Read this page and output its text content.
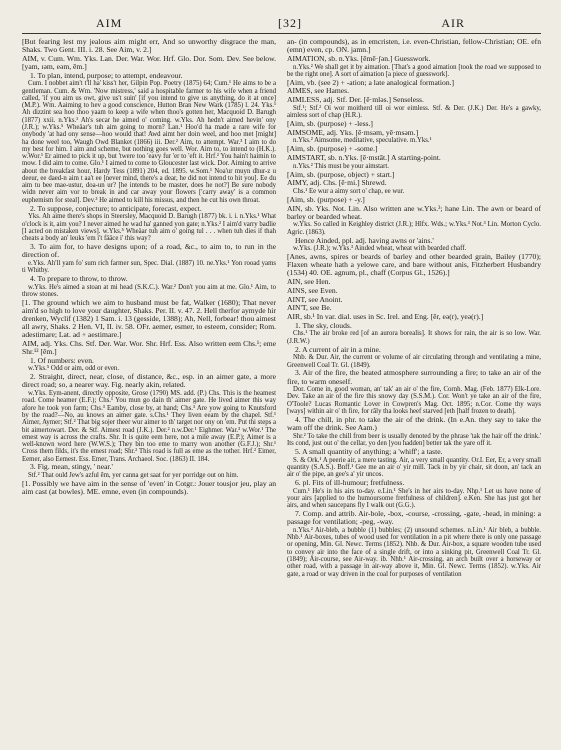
AIM	[32]	AIR

[But fearing lest my jealous aim might err, And so unworthy disgrace the man, Shaks. Two Gent. III. i. 28. See Aim, v. 2.]

AIM, v. Cum. Wm. Yks. Lan. Der. War. Wor. Hrf. Glo. Dor. Som. Dev. See below. [yam, ɪəm, eəm, ēm.]

1. To plan, intend, purpose; to attempt, endeavour.

Cum. I nobbet aim't t'll ha' kiss't her, Gilpin Pop. Poetry (1875) 64; Cum.¹ He aims to be a gentleman. Cum. & Wm. 'Now mistress,' said a hospitable farmer to his wife when a friend called, 'if you aim us owt, give us't suin' [if you intend to give us anything, do it at once] (M.P.). Wm. Aaiming to hev a good conscience, Hutton Bran New Wark (1785) l. 24. Yks.¹ Ah dizzint sea hoo thoo yaam to keep a wife when thoo's gotten her, Macquoid D. Barugh (1877) xxii. n.Yks.¹ Ah's secar he aimed o' coming. w.Yks. Ah hedn't aimed hevin' ony (J.R.); w.Yks.⁵ Wheäar's tuh aim going to morn? Lan.¹ Hoo'd ha made a rare wife for onybody 'at had ony sense—hoo would that! Awd aimt her doin weel, and hoo met [might] ha done weel too, Waugh Owd Blanket (1866) iii. Der.² Aim, to attempt. War.³ I aim to do my best for him. I aim and scheme, but nothing goes well. Wor. Aim to, to intend to (H.K.). w.Wor.¹ Er aimed to pick it up, but 'twere too 'eavy fur 'er to 'eft it. Hrf.² You hain't haimin to mow. I did aim to come. Glo.¹ I aimed to come to Gloucester last wick. Dor. Aiming to arrive about the breakfast hour, Hardy Tess (1891) 204, ed. 1895. w.Som.¹ Noa'ur muyn dhur-z u deeur, ee daed-n aim t aa't ee [never mind, there's a dear, he did not intend to hit you]. Ee du aim tu bee mae-ustur, doa-un ur? [he intends to be master, does he not?] Be sure nobody widn never aim vor to break in and car away your flowers ['carry away' is a common euphemism for steal]. Dev.³ He aimed to kill his missus, and then he cut his own throat.

2. To suppose, conjecture; to anticipate, forecast, expect.

Yks. Ah aime there's shops in Steersley, Macquoid D. Barugh (1877) bk. i. i. n.Yks.¹ What o'clock is it, aim you? I never aimed he wad ha' ganned yon gate; n.Yks.² I aim'd varry badlie [I acted on mistaken views]. w.Yks.⁵ Wheäar tuh aim o' going tul . . . when tuh dies if thah cheats a body an' leuks 'em i't fääce i' this way?

3. To aim for, to have designs upon; of a road, &c., to aim to, to run in the direction of.

e.Yks. Ah'll yam fo' sum rich farmer sun, Spec. Dial. (1887) 10. ne.Yks.¹ Yon rooad yams ti Whitby.

4. To prepare to throw, to throw.

w.Yks. He's aimed a stoan at mi head (S.K.C.). War.² Don't you aim at me. Glo.¹ Aim, to throw stones.

[1. The ground which we aim to husband must be fat, Walker (1680); That never aim'd so high to love your daughter, Shaks. Per. II. v. 47. 2. Hell therfor aymyde hir drenken, Wyclif (1382) 1 Sam. i. 13 (gesside, 1388); Ah, Nell, forbear! thou aimest all awry, Shaks. 2 Hen. VI, II. iv. 58. OFr. aemer, esmer, to esteem, consider; Rom. adestimare; Lat. ad + aestimare.]

AIM, adj. Yks. Chs. Stf. Der. War. Wor. Shr. Hrf. Ess. Also written eem Chs.¹; eme Shr.¹² [ēm.]

1. Of numbers: even.

w.Yks.⁵ Odd or aim, odd or even.

2. Straight, direct, near, close, of distance, &c., esp. in an aimer gate, a more direct road; so, a nearer way. Fig. nearly akin, related.

w.Yks. Eym-anent, directly opposite, Grose (1790) MS. add. (P.) Chs. This is the heamest road. Come heamer (E.F.); Chs.¹ You mun go dain th' aimer gate. He lived aimer this way afore he took yon farm; Chs.³ Eamby, close by, at hand; Chs.³ Are yow going to Knutsford by the road?—No, au knows an aimer gate. s.Chs.¹ They liven eeam by the chapel. Stf.¹ Aimer, Aymer; Stf.² That big sojer theer wur aimer to th' target nor ony on 'em. Put thi steps a bit aimertowart. Der. & Stf. Aimest road (J.K.). Der.² n.w.Der.¹ Eighmer. War.³ w.Wor.¹ The emest way is across the crafts. Shr. It is quite eem here, not a mile away (E.P.); Aimer is a well-known word here (W.W.S.); They bin too eme to marry won another (G.F.J.); Shr.¹ Cross them filds, it's the emest road; Shr.² This road is full as eme as the tother. Hrf.² Eimer, Eemer, also Eemest. Ess. Emer, Trans. Archaeol. Soc. (1863) II. 184.

3. Fig. mean, stingy, ' near.'

Stf.² That ould Jew's azful ēm, yer canna get saat for yer porridge out on him.

[1. Possibly we have aim in the sense of 'even' in Cotgr.: Jouer tousjor jeu, play an aim cast (at bowles). ME. emne, even (in compounds).

an- (in compounds), as in emcristen, i.e. even-Christian, fellow-Christian; OE. efn (emn) even, cp. ON. jamn.]

AIMATION, sb. n.Yks. [ēmē·ʃən.] Guesswork.

n.Yks.² We shall get it by aimation. [That's a good aimation [took the road we supposed to be the right one]. A sort of aimation [a piece of guesswork].

[Aim, vb. (see 2) + -ation; a late analogical formation.]

AIMES, see Hames.

AIMLESS, adj. Stf. Der. [ē·mləs.] Senseless.

Stf.¹; Stf.² Oi wor moitherd till oi wor eimless. Stf. & Der. (J.K.) Der. He's a gawky, aimless sort of chap (H.R.).

[Aim, sb. (purpose) + -less.]

AIMSOME, adj. Yks. [ē·msəm, yē·msəm.]

n.Yks.² Aimsome, meditative, speculative. m.Yks.¹

[Aim, sb. (purpose) + -some.]

AIMSTART, sb. n.Yks. [ē·mstāt.] A starting-point.

n.Yks.² This must be your aimstart.

[Aim, sb. (purpose, object) + start.]

AIMY, adj. Chs. [ē·mi.] Shrewd.

Chs.¹ Ee wur a aimy sort o' chap, ee wur.

[Aim, sb. (purpose) + -y.]

AIN, sb. Yks. Not. Lin. Also written ane w.Yks.³; hane Lin. The awn or beard of barley or bearded wheat.

w.Yks. So called in Keighley district (J.R.); Hlfx. Wds.; w.Yks.³ Not.³ Lin. Morton Cyclo. Agric. (1863).

Hence Ainded, ppl. adj. having awns or 'ains.'

w.Yks. (J.R.); w.Yks.³ Ainded wheat, wheat with bearded chaff.

[Anes, awns, spires or beards of barley and other bearded grain, Bailey (1770); Flaxen wheate hath a yelowe care, and bare without anis, Fitzherbert Husbandry (1534) 40. OE. agnum, pl., chaff (Corpus Gl., 1526).]

AIN, see Hen.

AINS, see Even.

AINT, see Anoint.

AIN'T, see Be.

AIR, sb.¹ In var. dial. uses in Sc. Irel. and Eng. [ēr, eə(r), yeə(r).]

1. The sky, clouds.

Chs.¹ The air broke red [of an aurora borealis]. It shows for rain, the air is so low. War. (J.R.W.)

2. A current of air in a mine.

Nhb. & Dur. Air, the current or volume of air circulating through and ventilating a mine, Greenwell Coal Tr. Gl. (1849).

3. Air of the fire, the heated atmosphere surrounding a fire; to take an air of the fire, to warm oneself.

Dor. Come in, good woman, an' tak' an air o' the fire, Cornh. Mag. (Feb. 1877) Elk-Lore. Dev. Take an air of the fire this snowy day (S.S.M.). Cor. Won't ye take an air of the fire, O'Toole? Lucas Romantic Lover in Cowpren's Mag. Oct. 1895; n.Cor. Come thy ways [ways] within air o' th fire, for rāly tha looks heef starved [eth [half frozen to death].

4. The chill, in phr. to take the air of the drink. (In e.An. they say to take the wam off the drink. See Aam.)

Shr.² To take the chill from beer is usually denoted by the phrase 'tak the hair off the drink.' Its cond, just out o' the cellar, yo den [you hadden] better tak the yare off it.

5. A small quantity of anything; a 'whiff'; a taste.

S. & Ork.¹ A peerie air, a mere tasting. Air, a very small quantity. Or.I. Eer, Er, a very small quantity (S.A.S.). Bnff.¹ Gee me an air o' yir mill. Tack in by yir chair, sit doon, an' tack an air o' the pipe, an gee's a' yir uncos.

6. pl. Fits of ill-humour; fretfulness.

Cum.¹ He's in his airs to-day. e.Lin.¹ She's in her airs to-day. Nhp.¹ Let us have none of your airs [applied to the humoursome fretfulness of children]. e.Ken. She has just got her airs, and when saucepans fly I walk out (G.G.).

7. Comp. and attrib. Air-bole, -box, -course, -crossing, -gate, -head, in mining: a passage for ventilation; -peg, -way.

n.Yks.² Air-bleb, a bubble (1) bubbles; (2) unsound schemes. n.Lin.¹ Air bleb, a bubble. Nhb.¹ Air-boxes, tubes of wood used for ventilation in a pit where there is only one passage or opening, Min. Gl. Newc. Terms (1852). Nhb. & Dur. Air-box, a square wooden tube used to convey air into the face of a single drift, or into a sinking pit, Greenwell Coal Tr. Gl. (1849); Air-course, see Air-way. ib. Nhb.¹ Air-crossing, an arch built over a horseway or other road, with a passage in air-way above it, Min. Gl. Newc. Terms (1852). w.Yks. Air gate, a road or way driven in the coal for purposes of ventilation
